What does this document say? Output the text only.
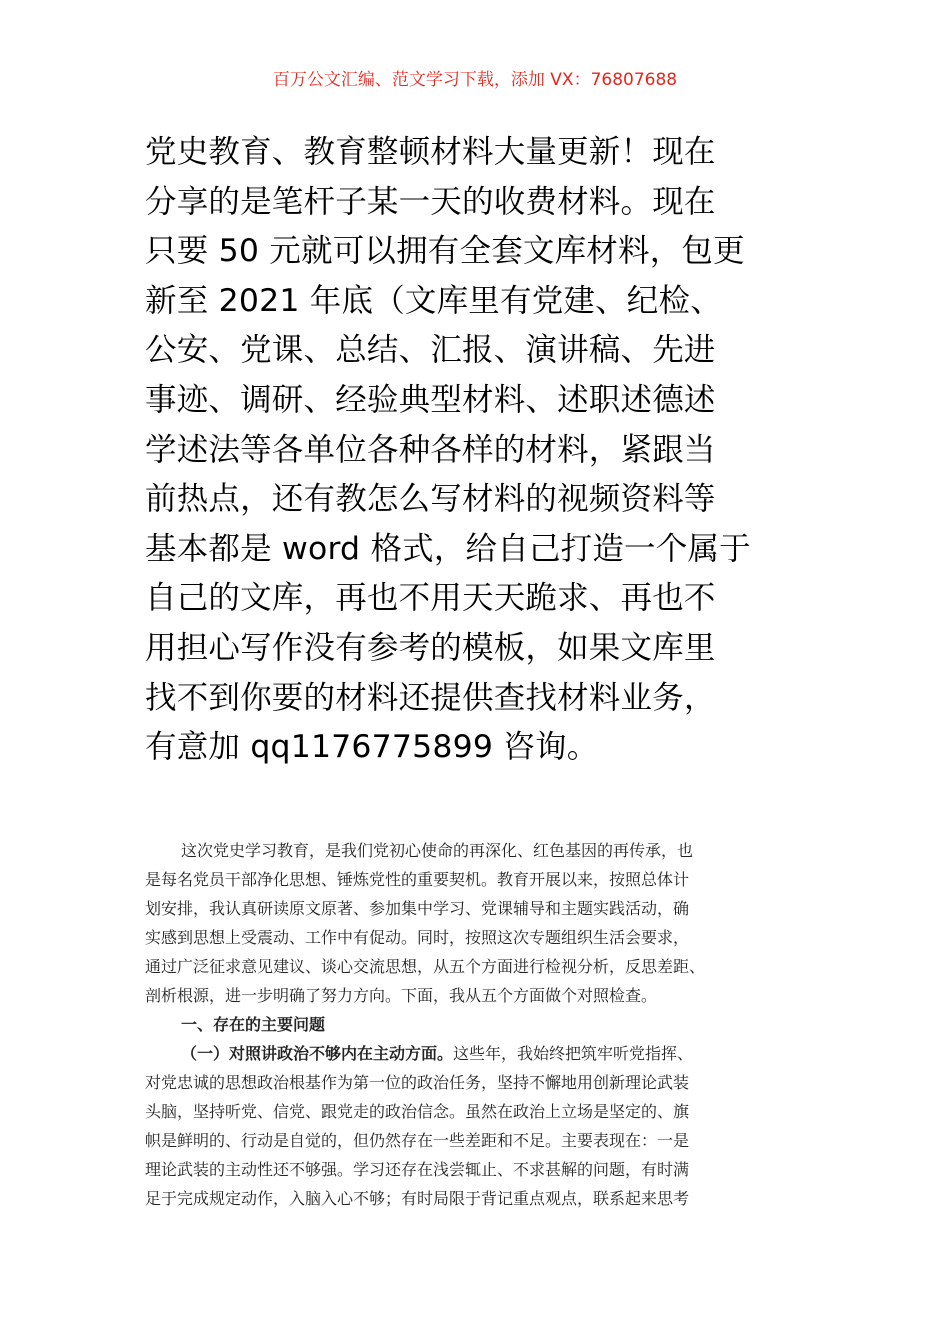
百万公文汇编、范文学习下载，添加 VX：76807688
党史教育、教育整顿材料大量更新！现在
分享的是笔杆子某一天的收费材料。现在
只要 50 元就可以拥有全套文库材料，包更
新至 2021 年底（文库里有党建、纪检、
公安、党课、总结、汇报、演讲稿、先进
事迹、调研、经验典型材料、述职述德述
学述法等各单位各种各样的材料，紧跟当
前热点，还有教怎么写材料的视频资料等
基本都是 word 格式，给自己打造一个属于
自己的文库，再也不用天天跪求、再也不
用担心写作没有参考的模板，如果文库里
找不到你要的材料还提供查找材料业务，
有意加 qq1176775899 咨询。
这次党史学习教育，是我们党初心使命的再深化、红色基因的再传承，也
是每名党员干部净化思想、锤炼党性的重要契机。教育开展以来，按照总体计
划安排，我认真研读原文原著、参加集中学习、党课辅导和主题实践活动，确
实感到思想上受震动、工作中有促动。同时，按照这次专题组织生活会要求，
通过广泛征求意见建议、谈心交流思想，从五个方面进行检视分析，反思差距、
剖析根源，进一步明确了努力方向。下面，我从五个方面做个对照检查。
一、存在的主要问题
（一）对照讲政治不够内在主动方面。这些年，我始终把筑牢听党指挥、
对党忠诚的思想政治根基作为第一位的政治任务，坚持不懈地用创新理论武装
头脑，坚持听党、信党、跟党走的政治信念。虽然在政治上立场是坚定的、旗
帜是鲜明的、行动是自觉的，但仍然存在一些差距和不足。主要表现在：一是
理论武装的主动性还不够强。学习还存在浅尝辄止、不求甚解的问题，有时满
足于完成规定动作，入脑入心不够；有时局限于背记重点观点，联系起来思考
